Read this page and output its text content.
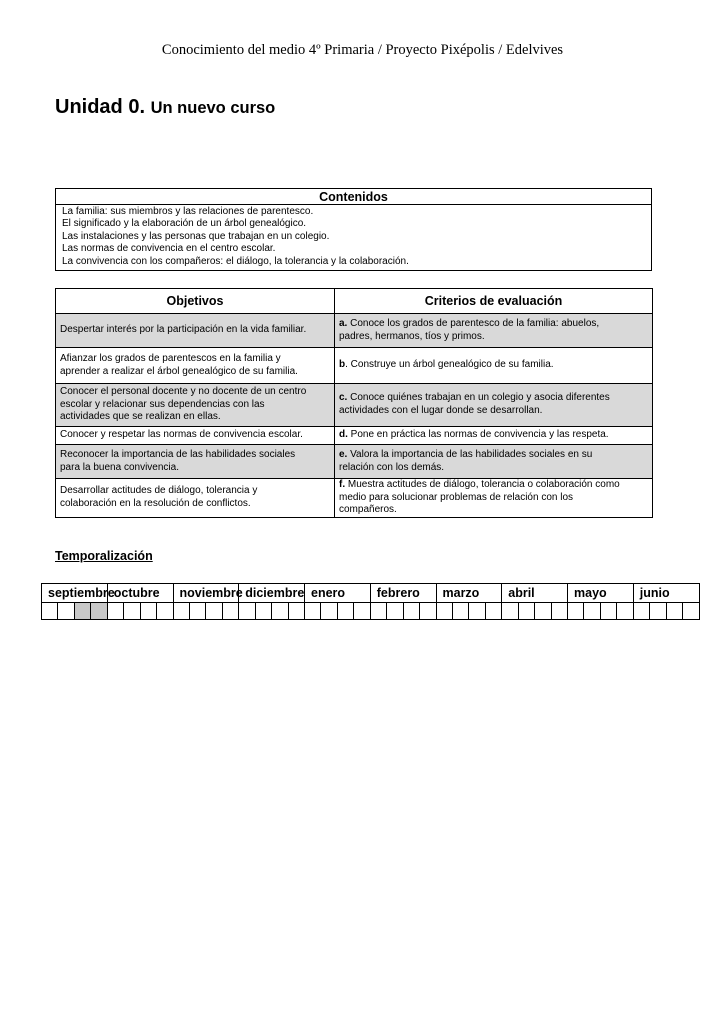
Conocimiento del medio 4º Primaria / Proyecto Pixépolis / Edelvives
Unidad 0. Un nuevo curso
Contenidos

La familia: sus miembros y las relaciones de parentesco.
El significado y la elaboración de un árbol genealógico.
Las instalaciones y las personas que trabajan en un colegio.
Las normas de convivencia en el centro escolar.
La convivencia con los compañeros: el diálogo, la tolerancia y la colaboración.
Objetivos	Criterios de evaluación
Despertar interés por la participación en la vida familiar.	a. Conoce los grados de parentesco de la familia: abuelos,
padres, hermanos, tíos y primos.
Afianzar los grados de parentescos en la familia y
aprender a realizar el árbol genealógico de su familia.	b. Construye un árbol genealógico de su familia.
Conocer el personal docente y no docente de un centro
escolar y relacionar sus dependencias con las
actividades que se realizan en ellas.	c. Conoce quiénes trabajan en un colegio y asocia diferentes
actividades con el lugar donde se desarrollan.
Conocer y respetar las normas de convivencia escolar.	d. Pone en práctica las normas de convivencia y las respeta.
Reconocer la importancia de las habilidades sociales
para la buena convivencia.	e. Valora la importancia de las habilidades sociales en su
relación con los demás.
Desarrollar actitudes de diálogo, tolerancia y
colaboración en la resolución de conflictos.	f. Muestra actitudes de diálogo, tolerancia o colaboración como
medio para solucionar problemas de relación con los
compañeros.
Temporalización
septiembre				octubre				noviembre				diciembre				enero				febrero				marzo				abril				mayo				junio			
